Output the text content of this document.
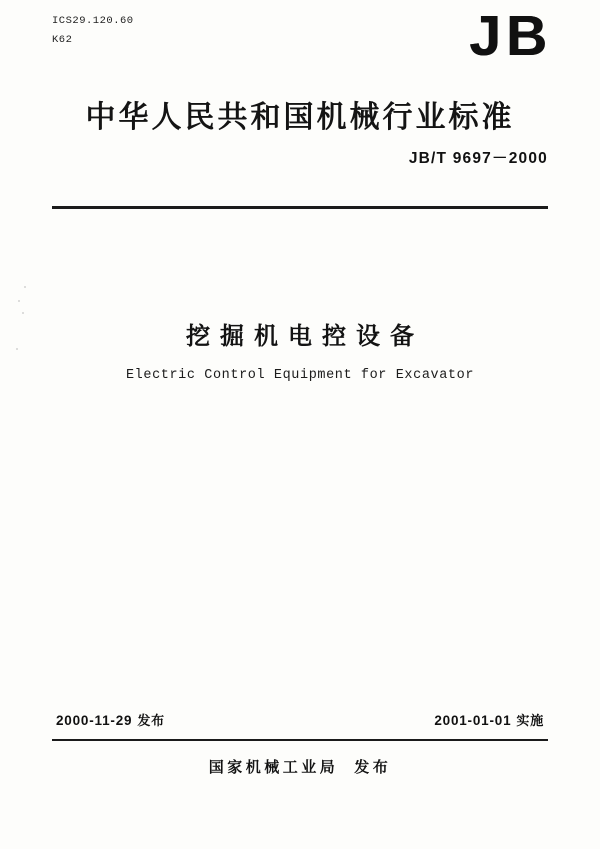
ICS29.120.60
K62	JB
中华人民共和国机械行业标准
JB/T 9697－2000
挖掘机电控设备
Electric Control Equipment for Excavator
2000-11-29 发布	2001-01-01 实施
国家机械工业局 发布
